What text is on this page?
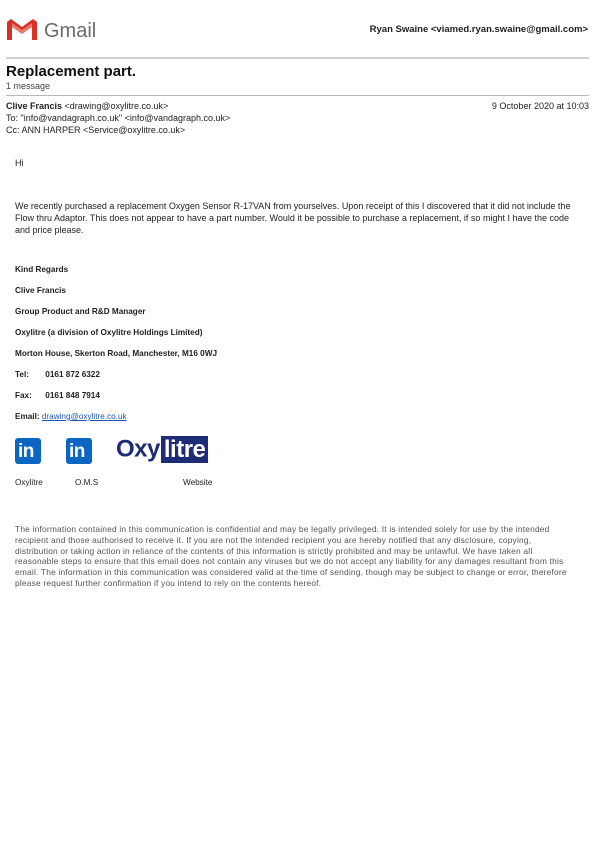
Gmail	Ryan Swaine <viamed.ryan.swaine@gmail.com>
Replacement part.
1 message
Clive Francis <drawing@oxylitre.co.uk>	9 October 2020 at 10:03
To: "info@vandagraph.co.uk" <info@vandagraph.co.uk>
Cc: ANN HARPER <Service@oxylitre.co.uk>
Hi
We recently purchased a replacement Oxygen Sensor R-17VAN from yourselves. Upon receipt of this I discovered that it did not include the Flow thru Adaptor. This does not appear to have a part number. Would it be possible to purchase a replacement, if so might I have the code and price please.
Kind Regards
Clive Francis
Group Product and R&D Manager
Oxylitre (a division of Oxylitre Holdings Limited)
Morton House, Skerton Road, Manchester, M16 0WJ
Tel: 0161 872 6322
Fax: 0161 848 7914
Email: drawing@oxylitre.co.uk
in in Oxy litre
Oxylitre	O.M.S	Website
The information contained in this communication is confidential and may be legally privileged. It is intended solely for use by the intended recipient and those authorised to receive it. If you are not the intended recipient you are hereby notified that any disclosure, copying, distribution or taking action in reliance of the contents of this information is strictly prohibited and may be unlawful. We have taken all reasonable steps to ensure that this email does not contain any viruses but we do not accept any liability for any damages resultant from this email. The information in this communication was considered valid at the time of sending, though may be subject to change or error, therefore please request further confirmation if you intend to rely on the contents hereof.
